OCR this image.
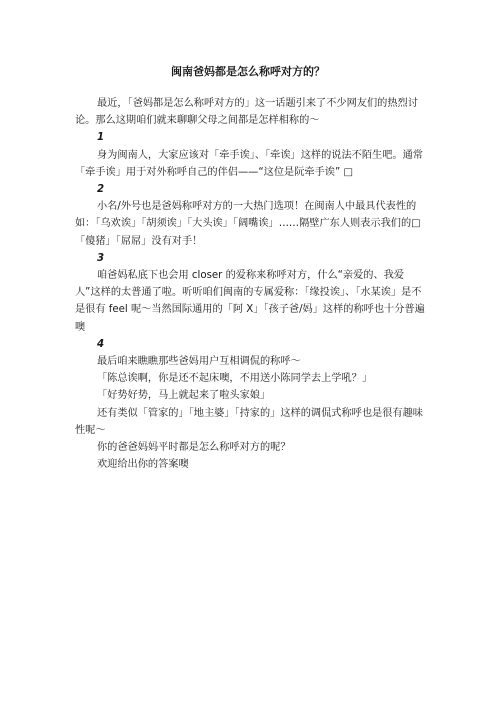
闽南爸妈都是怎么称呼对方的？

最近，「爸妈都是怎么称呼对方的」这一话题引来了不少网友们的热烈讨论。那么这期咱们就来聊聊父母之间都是怎样相称的～

1

身为闽南人，大家应该对「牵手诶」、「牵诶」这样的说法不陌生吧。通常「牵手诶」用于对外称呼自己的伴侣——“这位是阮牵手诶” □

2

小名/外号也是爸妈称呼对方的一大热门选项！在闽南人中最具代表性的如：「乌欢诶」「胡须诶」「大头诶」「阔嘴诶」……隔壁广东人则表示我们的□「傻猪」「屌屌」没有对手！

3

咱爸妈私底下也会用 closer 的爱称来称呼对方，什么“亲爱的、我爱人”这样的太普通了啦。听听咱们闽南的专属爱称：「缘投诶」、「水某诶」是不是很有 feel 呢～当然国际通用的「阿 X」「孩子爸/妈」这样的称呼也十分普遍噢

4

最后咱来瞧瞧那些爸妈用户互相调侃的称呼～

「陈总诶啊，你是还不起床噢，不用送小陈同学去上学吼？」

「好势好势，马上就起来了啦头家娘」

还有类似「管家的」「地主婆」「持家的」这样的调侃式称呼也是很有趣味性呢～

你的爸爸妈妈平时都是怎么称呼对方的呢？

欢迎给出你的答案噢
